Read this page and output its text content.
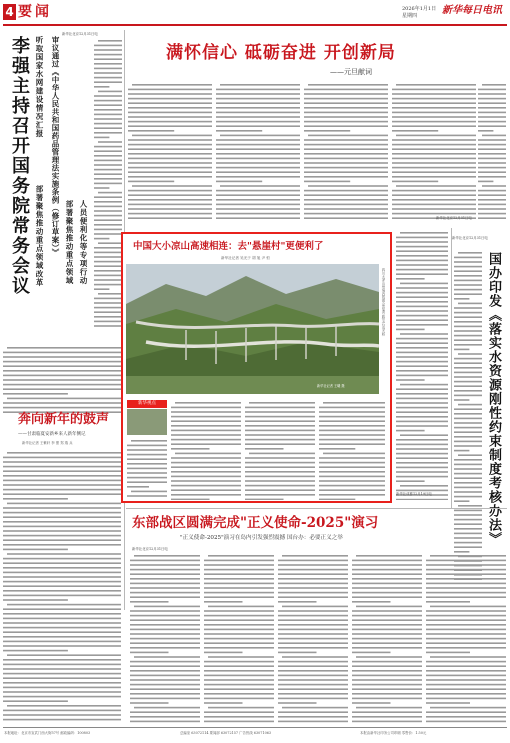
4 要闻	2026年1月1日
星期四 新华每日电讯
李强主持召开国务院常务会议 听取国家水网建设情况汇报
部署聚焦推动重点领域改革 审议通过《中华人民共和国药品管理法实施条例（修订草案）》 部署聚焦推动重点领域 人员便利化等专项行动
新华社北京12月31日电
满怀信心 砥砺奋进 开创新局
——元旦献词
新华社北京12月31日电
中国大小凉山高速相连：去"悬崖村"更便利了
新华社记者 吴光于 胡 旭 尹 恒
新华社记者 王曦 摄
四川大凉山州境内的德会高速公路宝石沟大桥
新华视点
新华社成都12月19日电
新华社北京12月31日电
国办印发《落实水资源刚性约束制度考核办法》
奔向新年的鼓声
——甘肃临夏安新乡来人新年侧记
新华社记者 王紫轩 李 蕾 郑 瑞 兵
东部战区圆满完成"正义使命-2025"演习
"正义使命-2025"演习在岛内引发强烈震撼 国台办：必要正义之举
新华社北京12月31日电
本报地址：北京市宣武门西大街57号 邮政编码：100803	总编室 63072114 要闻部 63072157 广告热线 63071063	本报由新华社印务公司印刷 零售价：1.50元
